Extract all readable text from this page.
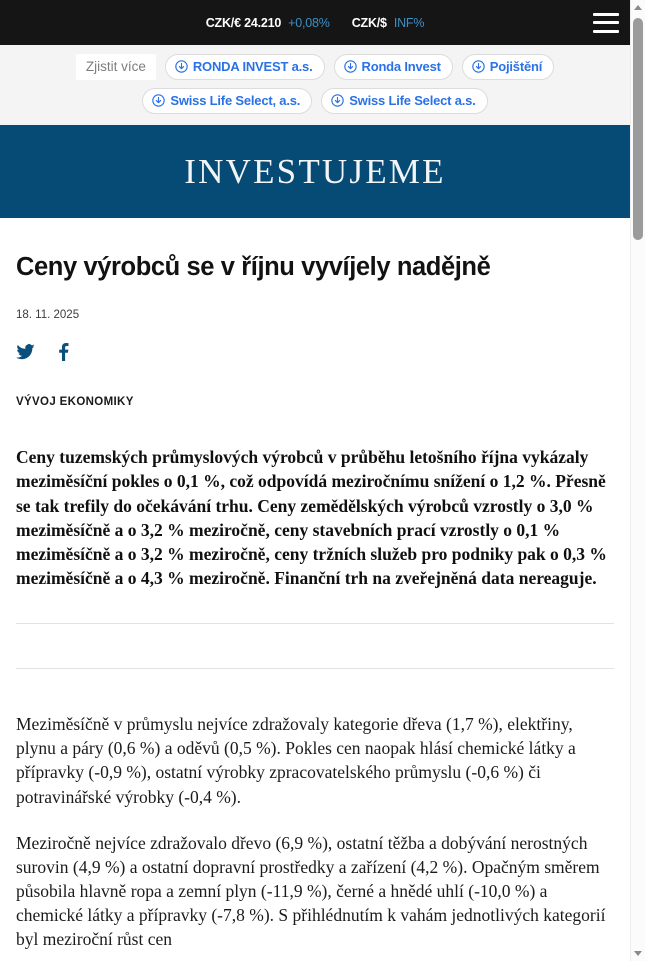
CZK/€ 24.210 +0,08% CZK/$ INF%
Zjistit více	RONDA INVEST a.s.	Ronda Invest	Pojištění
Swiss Life Select, a.s.	Swiss Life Select a.s.
INVESTUJEME
Ceny výrobců se v říjnu vyvíjely nadějně
18. 11. 2025
VÝVOJ EKONOMIKY
Ceny tuzemských průmyslových výrobců v průběhu letošního října vykázaly meziměsíční pokles o 0,1 %, což odpovídá meziročnímu snížení o 1,2 %. Přesně se tak trefily do očekávání trhu. Ceny zemědělských výrobců vzrostly o 3,0 % meziměsíčně a o 3,2 % meziročně, ceny stavebních prací vzrostly o 0,1 % meziměsíčně a o 3,2 % meziročně, ceny tržních služeb pro podniky pak o 0,3 % meziměsíčně a o 4,3 % meziročně. Finanční trh na zveřejněná data nereaguje.

Meziměsíčně v průmyslu nejvíce zdražovaly kategorie dřeva (1,7 %), elektřiny, plynu a páry (0,6 %) a oděvů (0,5 %). Pokles cen naopak hlásí chemické látky a přípravky (-0,9 %), ostatní výrobky zpracovatelského průmyslu (-0,6 %) či potravinářské výrobky (-0,4 %).

Meziročně nejvíce zdražovalo dřevo (6,9 %), ostatní těžba a dobývání nerostných surovin (4,9 %) a ostatní dopravní prostředky a zařízení (4,2 %). Opačným směrem působila hlavně ropa a zemní plyn (-11,9 %), černé a hnědé uhlí (-10,0 %) a chemické látky a přípravky (-7,8 %). S přihlédnutím k vahám jednotlivých kategorií byl meziroční růst cen
